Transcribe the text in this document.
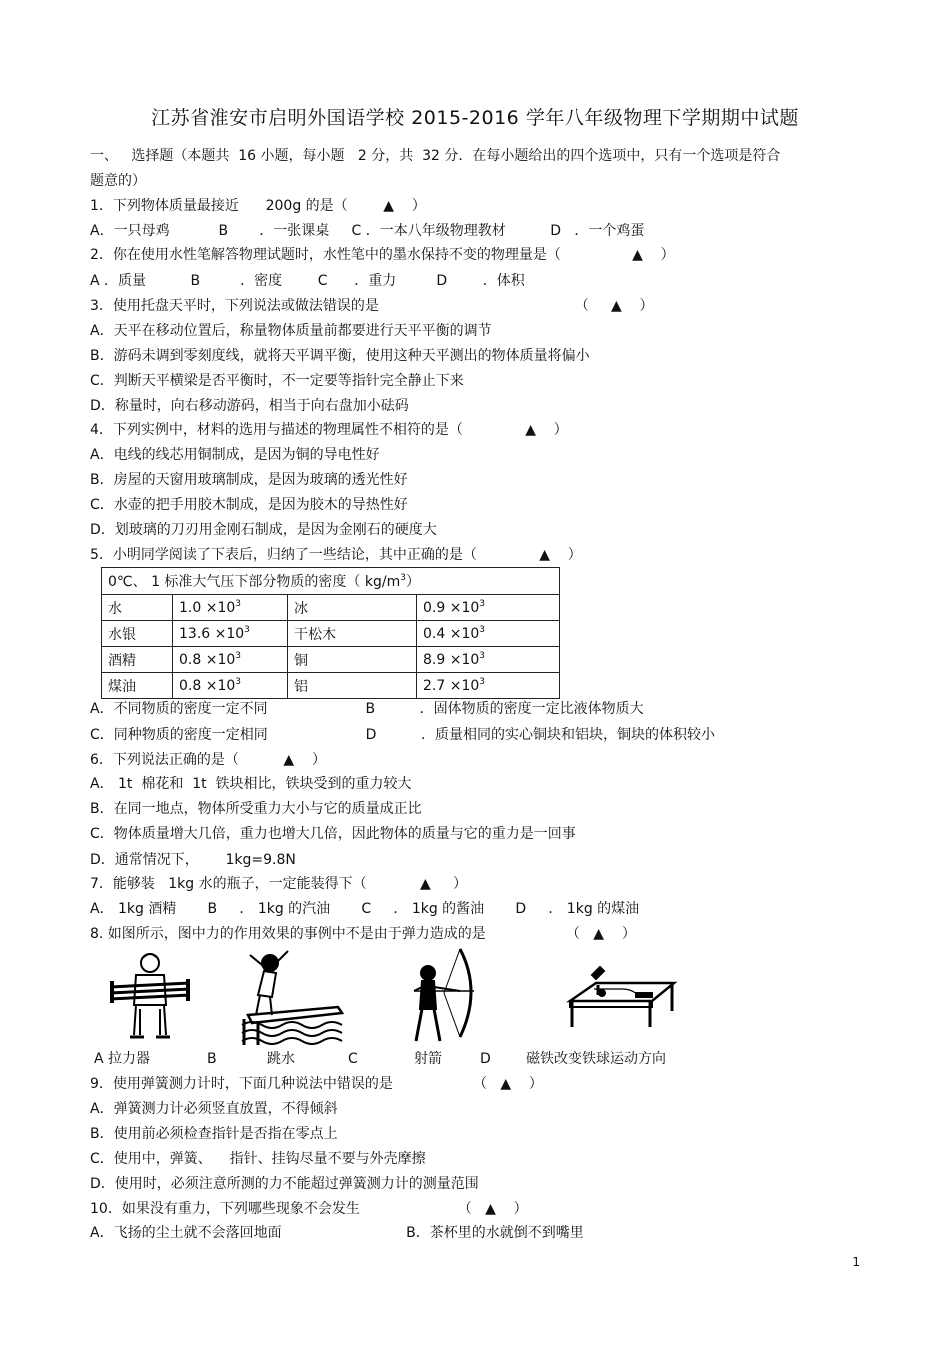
江苏省淮安市启明外国语学校 2015-2016 学年八年级物理下学期期中试题
一、   选择题（本题共  16 小题，每小题   2 分，共  32 分．在每小题给出的四个选项中，只有一个选项是符合
题意的）
1．下列物体质量最接近      200g 的是（        ▲    ）
A．一只母鸡           B       ．一张课桌     C ．一本八年级物理教材          D   ．一个鸡蛋
2．你在使用水性笔解答物理试题时，水性笔中的墨水保持不变的物理量是（                ▲    ）
A ．质量          B         ．密度        C      ．重力         D        ．体积
3．使用托盘天平时，下列说法或做法错误的是                                            （     ▲    ）
A．天平在移动位置后，称量物体质量前都要进行天平平衡的调节
B．游码未调到零刻度线，就将天平调平衡，使用这种天平测出的物体质量将偏小
C．判断天平横梁是否平衡时，不一定要等指针完全静止下来
D．称量时，向右移动游码，相当于向右盘加小砝码
4．下列实例中，材料的选用与描述的物理属性不相符的是（              ▲    ）
A．电线的线芯用铜制成，是因为铜的导电性好
B．房屋的天窗用玻璃制成，是因为玻璃的透光性好
C．水壶的把手用胶木制成，是因为胶木的导热性好
D．划玻璃的刀刃用金刚石制成，是因为金刚石的硬度大
5．小明同学阅读了下表后，归纳了一些结论，其中正确的是（              ▲    ）
0℃、 1 标准大气压下部分物质的密度（ $kg/m^3$）			
水	$1.0 \times 10^3$	冰	$0.9 \times 10^3$
水银	$13.6 \times 10^3$	干松木	$0.4 \times 10^3$
酒精	$0.8 \times 10^3$	铜	$8.9 \times 10^3$
煤油	$0.8 \times 10^3$	铝	$2.7 \times 10^3$
A．不同物质的密度一定不同                      B          ．固体物质的密度一定比液体物质大
C．同种物质的密度一定相同                      D          ．质量相同的实心铜块和铝块，铜块的体积较小
6．下列说法正确的是（          ▲    ）
A． 1t  棉花和  1t  铁块相比，铁块受到的重力较大
B．在同一地点，物体所受重力大小与它的质量成正比
C．物体质量增大几倍，重力也增大几倍，因此物体的质量与它的重力是一回事
D．通常情况下，      1kg=9.8N
7．能够装   1kg 水的瓶子，一定能装得下（            ▲     ）
A． 1kg 酒精       B     ． 1kg 的汽油       C     ． 1kg 的酱油       D     ． 1kg 的煤油
8. 如图所示，图中力的作用效果的事例中不是由于弹力造成的是                  （   ▲    ）
A 拉力器	B	跳水	C	射箭	D	磁铁改变铁球运动方向
9．使用弹簧测力计时，下面几种说法中错误的是                  （   ▲    ）
A．弹簧测力计必须竖直放置，不得倾斜
B．使用前必须检查指针是否指在零点上
C．使用中，弹簧、    指针、挂钩尽量不要与外壳摩擦
D．使用时，必须注意所测的力不能超过弹簧测力计的测量范围
10．如果没有重力，下列哪些现象不会发生                      （   ▲    ）
A．飞扬的尘土就不会落回地面                            B．茶杯里的水就倒不到嘴里
1
